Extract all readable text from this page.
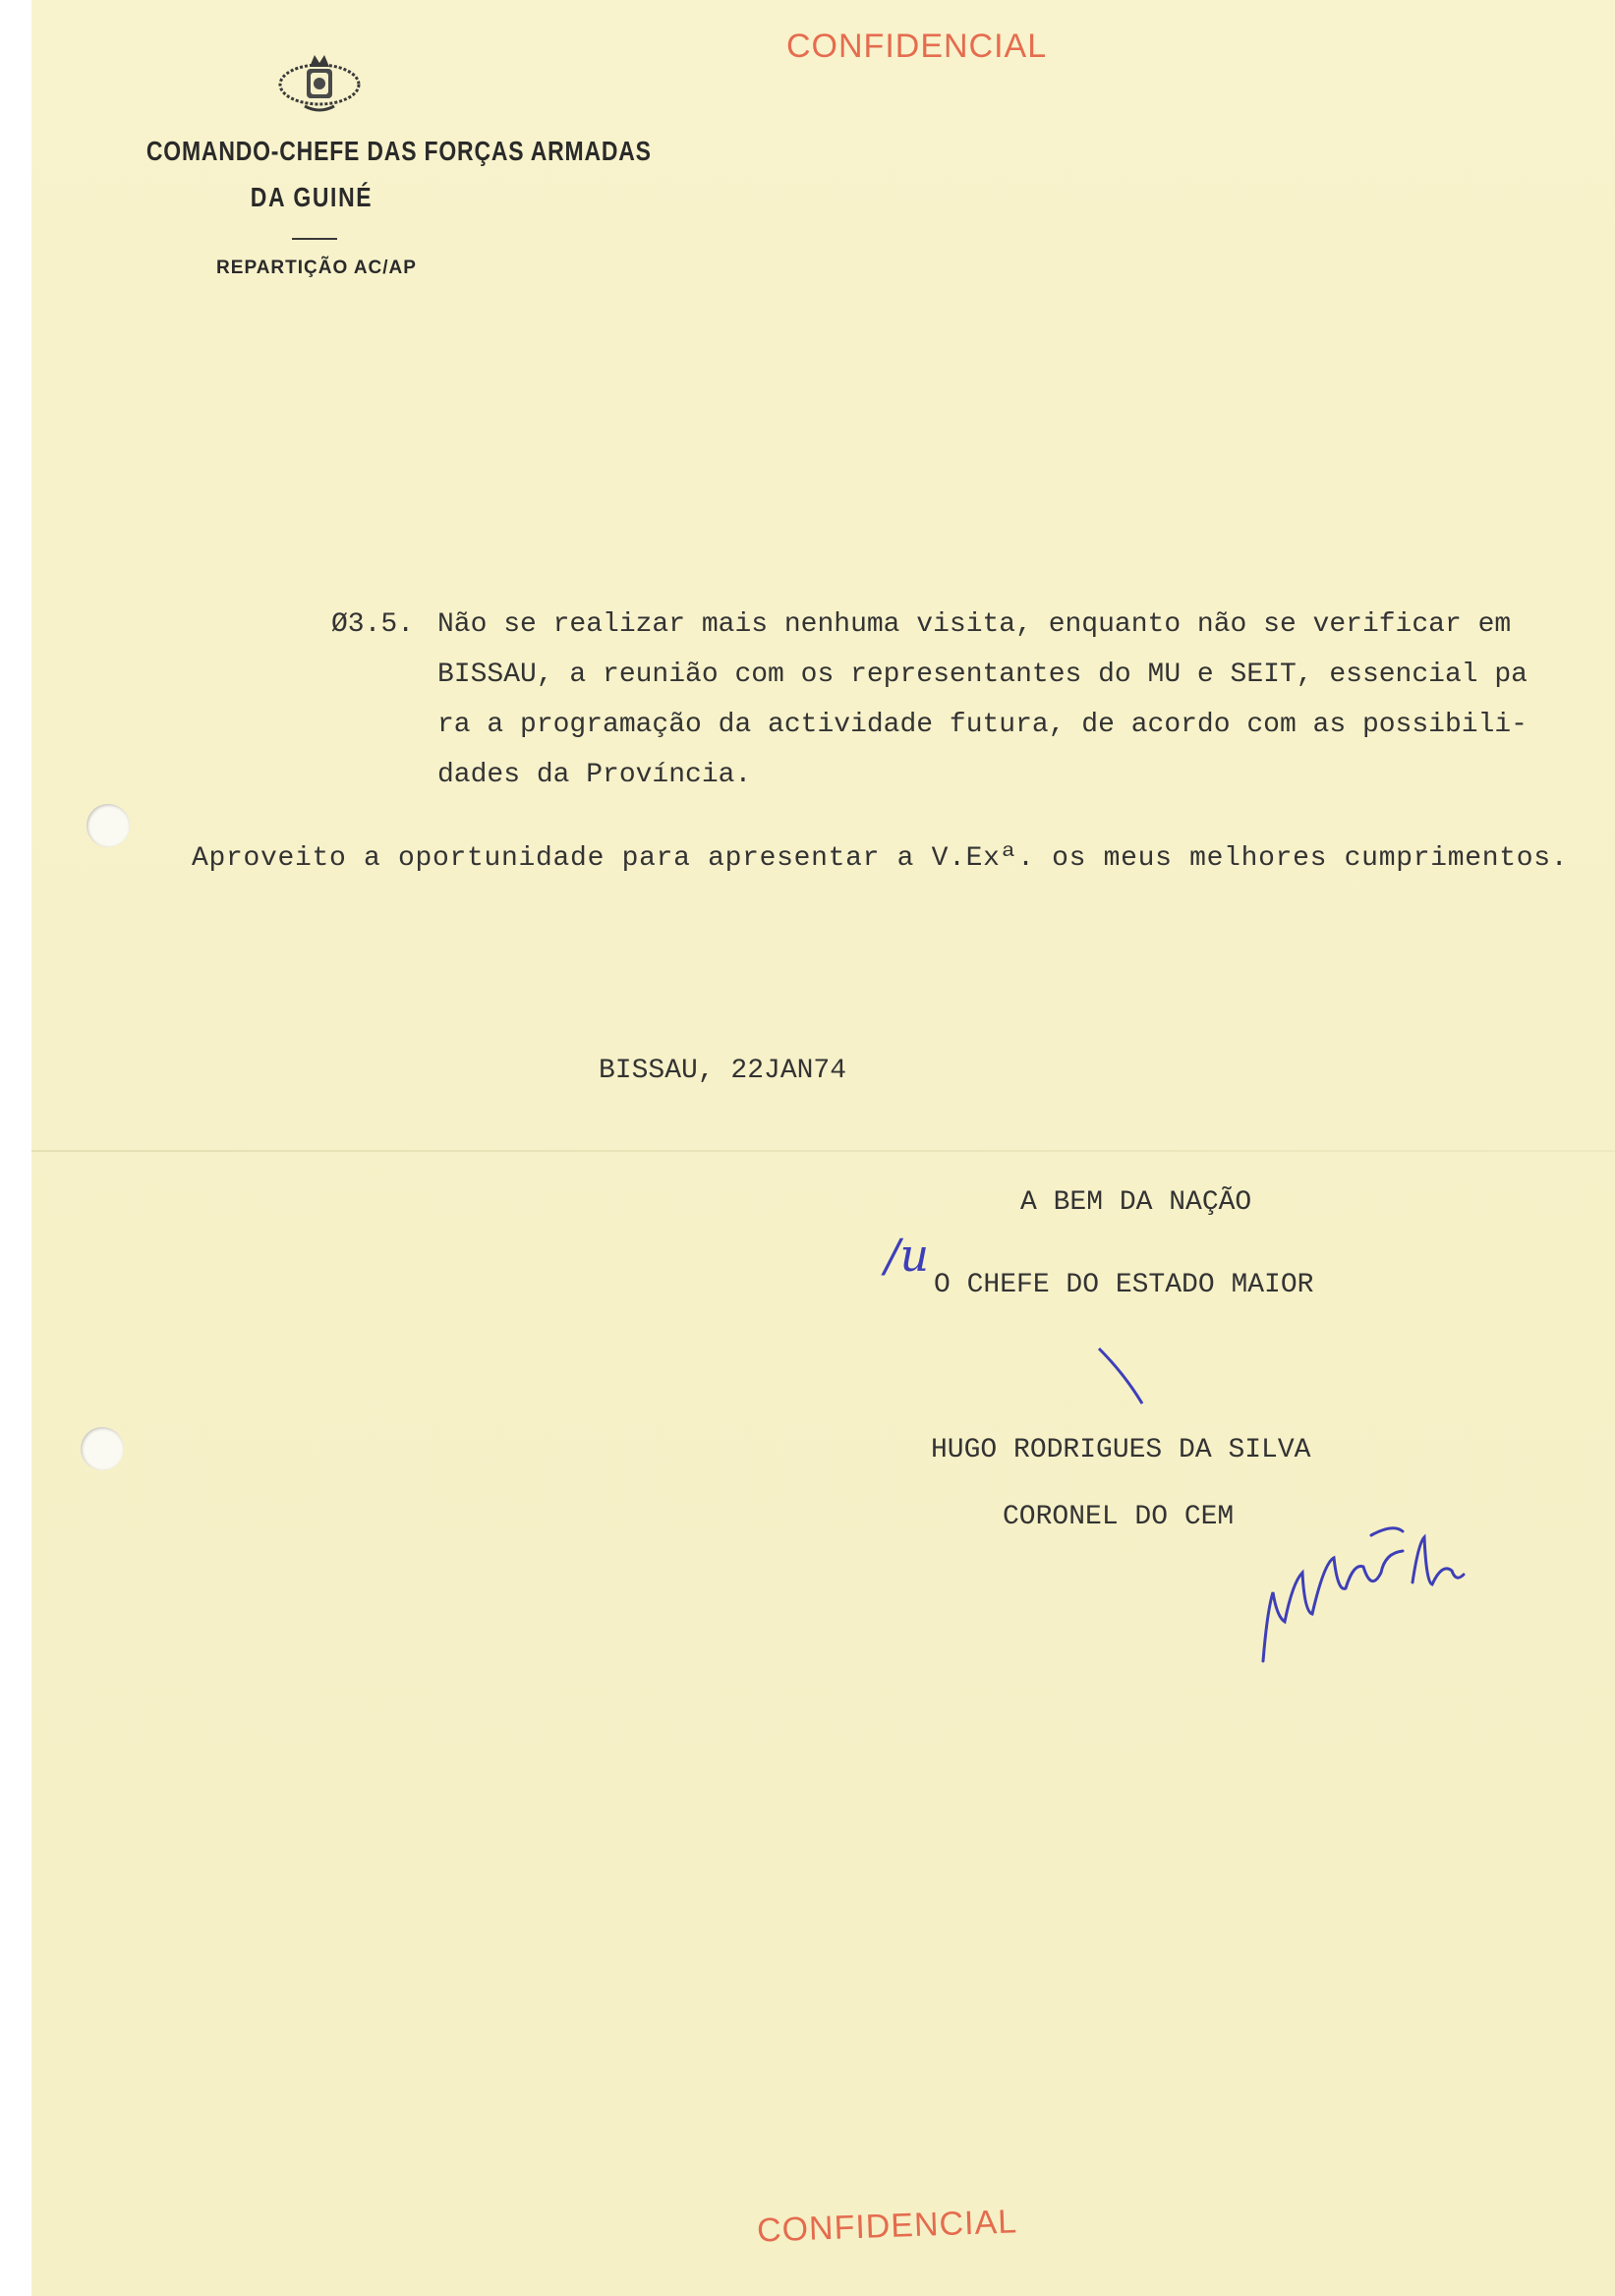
CONFIDENCIAL
COMANDO-CHEFE DAS FORÇAS ARMADAS
DA GUINÉ
REPARTIÇÃO AC/AP
Ø3.5. Não se realizar mais nenhuma visita, enquanto não se verificar em
BISSAU, a reunião com os representantes do MU e SEIT, essencial pa
ra a programação da actividade futura, de acordo com as possibili-
dades da Província.
Aproveito a oportunidade para apresentar a V.Exª. os meus melhores cumprimentos.
BISSAU, 22JAN74
A BEM DA NAÇÃO
/u
O CHEFE DO ESTADO MAIOR
HUGO RODRIGUES DA SILVA
CORONEL DO CEM
CONFIDENCIAL
